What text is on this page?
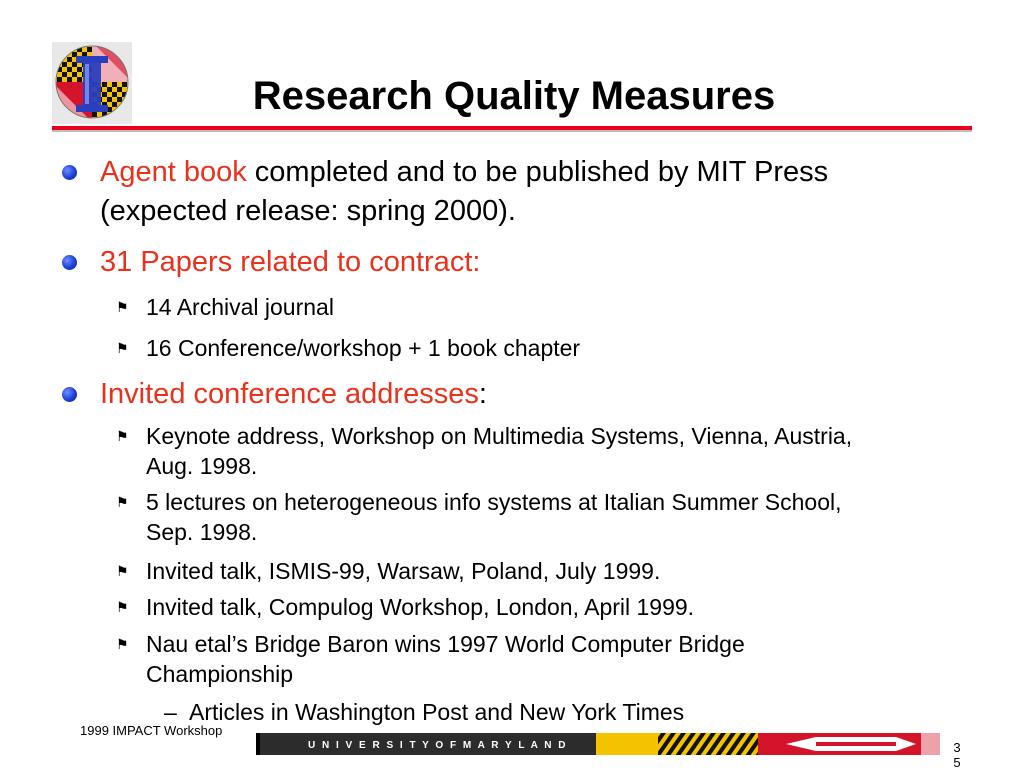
Research Quality Measures
Agent book completed and to be published by MIT Press
(expected release: spring 2000).
31 Papers related to contract:
⚑ 14 Archival journal
⚑ 16 Conference/workshop + 1 book chapter
Invited conference addresses:
⚑ Keynote address, Workshop on Multimedia Systems, Vienna, Austria,
Aug. 1998.
⚑ 5 lectures on heterogeneous info systems at Italian Summer School,
Sep. 1998.
⚑ Invited talk, ISMIS-99, Warsaw, Poland, July 1999.
⚑ Invited talk, Compulog Workshop, London, April 1999.
⚑ Nau etal’s Bridge Baron wins 1997 World Computer Bridge
Championship
– Articles in Washington Post and New York Times
1999 IMPACT Workshop
U N I V E R S I T Y O F M A R Y L A N D	3
5
